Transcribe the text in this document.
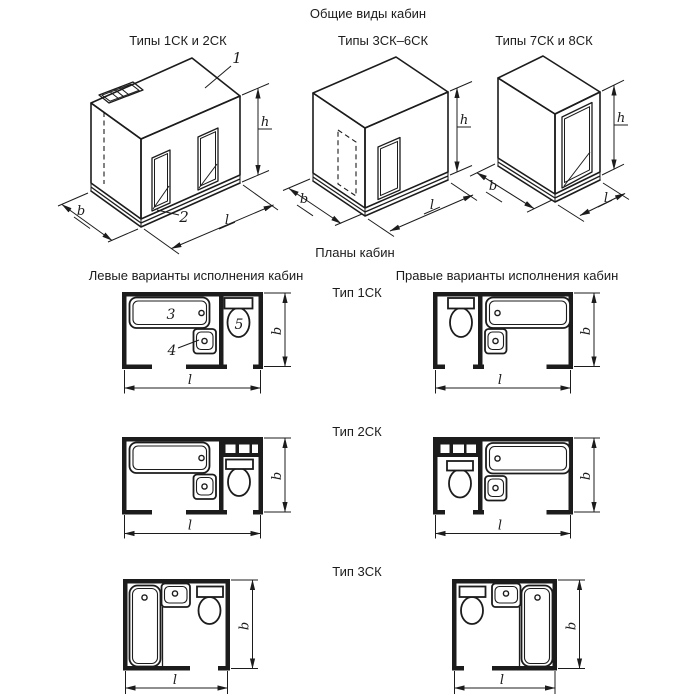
Общие виды кабин
Типы 1СК и 2СК	Типы 3СК–6СК	Типы 7СК и 8СК
Планы кабин
Левые варианты исполнения кабин	Правые варианты исполнения кабин
Тип 1СК
Тип 2СК
Тип 3СК
1
2
h
b
l
h
b	l
h
b
l
3
4
5 b
l
b
l
b
l
b
l
b
l
b
l
